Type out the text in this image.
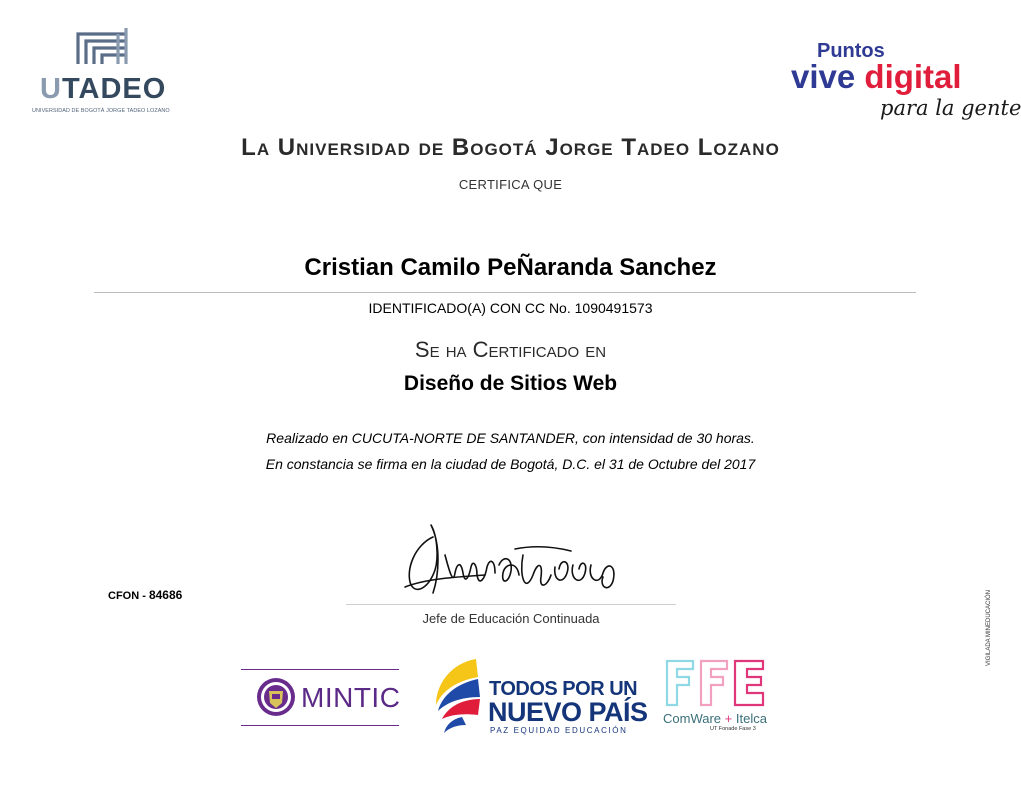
UTADEO
UNIVERSIDAD DE BOGOTÁ JORGE TADEO LOZANO
Puntos
vive digital
para la gente
La Universidad de Bogotá Jorge Tadeo Lozano
CERTIFICA QUE
Cristian Camilo PeÑaranda Sanchez
IDENTIFICADO(A) CON CC No. 1090491573
Se ha Certificado en
Diseño de Sitios Web
Realizado en CUCUTA-NORTE DE SANTANDER, con intensidad de 30 horas.
En constancia se firma en la ciudad de Bogotá, D.C. el 31 de Octubre del 2017
Jefe de Educación Continuada
CFON - 84686	VIGILADA MINEDUCACIÓN
MINTIC	TODOS POR UN
NUEVO PAÍS
PAZ EQUIDAD EDUCACIÓN
ComWare + Itelca
UT Fonade Fase 3
